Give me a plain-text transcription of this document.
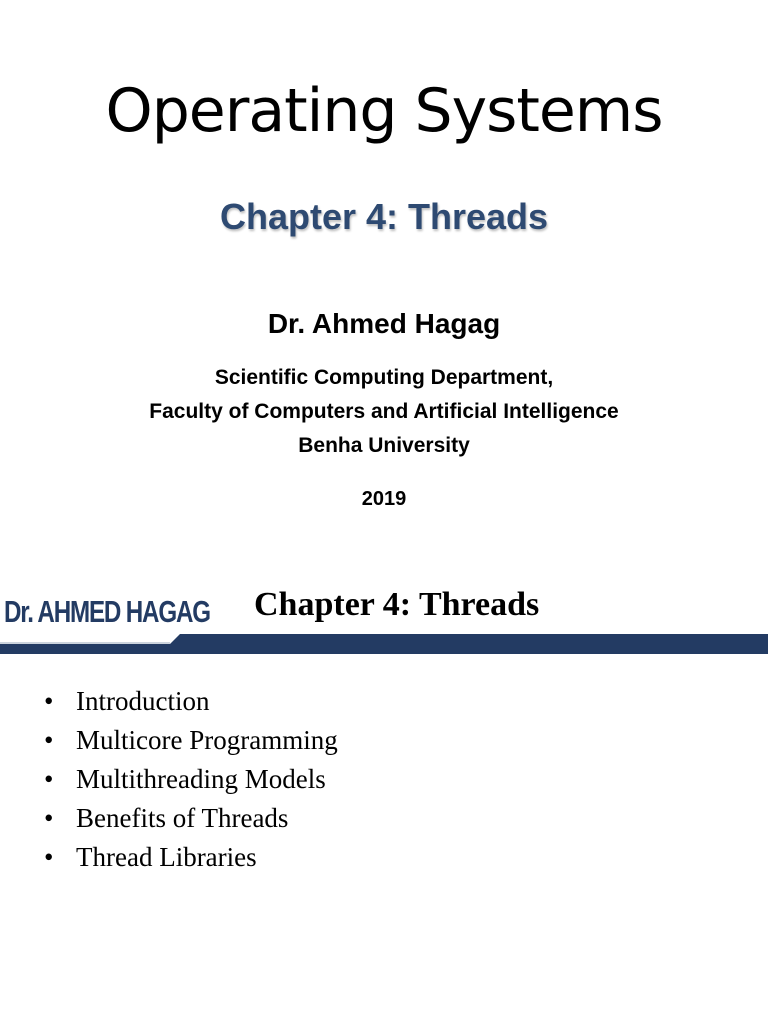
Operating Systems
Chapter 4: Threads
Dr. Ahmed Hagag
Scientific Computing Department,
Faculty of Computers and Artificial Intelligence
Benha University
2019
Dr. AHMED HAGAG Chapter 4: Threads
• Introduction
• Multicore Programming
• Multithreading Models
• Benefits of Threads
• Thread Libraries
